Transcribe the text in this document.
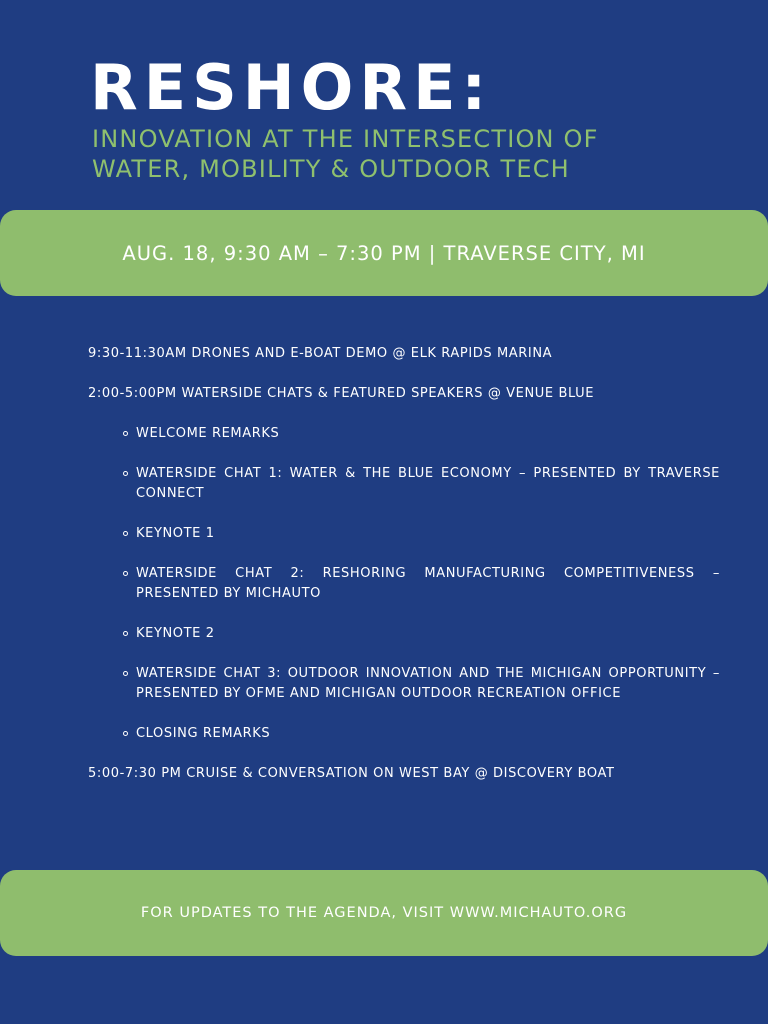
RESHORE:
INNOVATION AT THE INTERSECTION OF
WATER, MOBILITY & OUTDOOR TECH
AUG. 18, 9:30 AM – 7:30 PM | TRAVERSE CITY, MI

9:30-11:30AM DRONES AND E-BOAT DEMO @ ELK RAPIDS MARINA

2:00-5:00PM WATERSIDE CHATS & FEATURED SPEAKERS @ VENUE BLUE

WELCOME REMARKS
WATERSIDE CHAT 1: WATER & THE BLUE ECONOMY – PRESENTED BY TRAVERSE CONNECT
KEYNOTE 1
WATERSIDE CHAT 2: RESHORING MANUFACTURING COMPETITIVENESS – PRESENTED BY MICHAUTO
KEYNOTE 2
WATERSIDE CHAT 3: OUTDOOR INNOVATION AND THE MICHIGAN OPPORTUNITY – PRESENTED BY OFME AND MICHIGAN OUTDOOR RECREATION OFFICE
CLOSING REMARKS

5:00-7:30 PM CRUISE & CONVERSATION ON WEST BAY @ DISCOVERY BOAT

FOR UPDATES TO THE AGENDA, VISIT WWW.MICHAUTO.ORG
